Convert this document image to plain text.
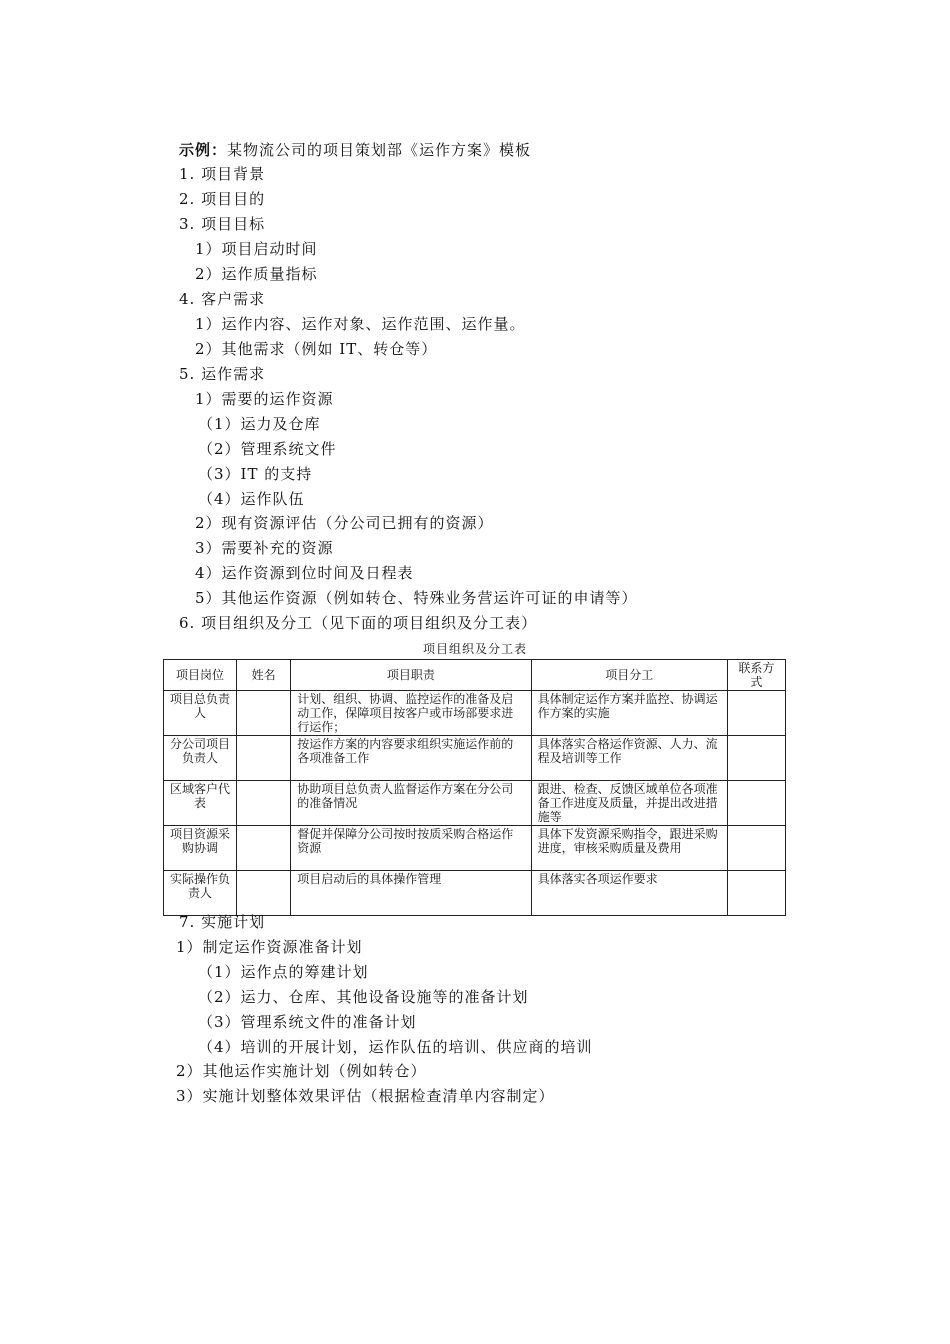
示例：某物流公司的项目策划部《运作方案》模板
1. 项目背景
2. 项目目的
3. 项目目标
1）项目启动时间
2）运作质量指标
4. 客户需求
1）运作内容、运作对象、运作范围、运作量。
2）其他需求（例如 IT、转仓等）
5. 运作需求
1）需要的运作资源
（1）运力及仓库
（2）管理系统文件
（3）IT 的支持
（4）运作队伍
2）现有资源评估（分公司已拥有的资源）
3）需要补充的资源
4）运作资源到位时间及日程表
5）其他运作资源（例如转仓、特殊业务营运许可证的申请等）
6. 项目组织及分工（见下面的项目组织及分工表）
项目组织及分工表
项目岗位	姓名	项目职责	项目分工	联系方式
项目总负责人		计划、组织、协调、监控运作的准备及启动工作，保障项目按客户或市场部要求进行运作；	具体制定运作方案并监控、协调运作方案的实施	
分公司项目负责人		按运作方案的内容要求组织实施运作前的各项准备工作	具体落实合格运作资源、人力、流程及培训等工作	
区域客户代表		协助项目总负责人监督运作方案在分公司的准备情况	跟进、检查、反馈区域单位各项准备工作进度及质量，并提出改进措施等	
项目资源采购协调		督促并保障分公司按时按质采购合格运作资源	具体下发资源采购指令，跟进采购进度，审核采购质量及费用	
实际操作负责人		项目启动后的具体操作管理	具体落实各项运作要求	
7. 实施计划
1）制定运作资源准备计划
（1）运作点的筹建计划
（2）运力、仓库、其他设备设施等的准备计划
（3）管理系统文件的准备计划
（4）培训的开展计划，运作队伍的培训、供应商的培训
2）其他运作实施计划（例如转仓）
3）实施计划整体效果评估（根据检查清单内容制定）
